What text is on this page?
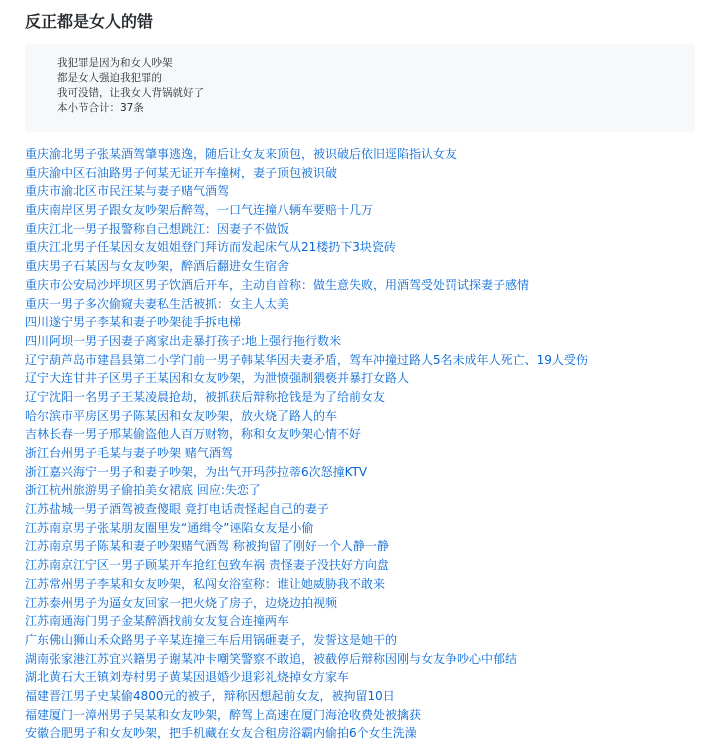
反正都是女人的错
我犯罪是因为和女人吵架
都是女人强迫我犯罪的
我可没错，让我女人背锅就好了
本小节合计：37条
重庆渝北男子张某酒驾肇事逃逸，随后让女友来顶包，被识破后依旧逕陷指认女友
重庆渝中区石油路男子何某无证开车撞树，妻子顶包被识破
重庆市渝北区市民汪某与妻子赌气酒驾
重庆南岸区男子跟女友吵架后醉驾，一口气连撞八辆车要赔十几万
重庆江北一男子报警称自己想跳江：因妻子不做饭
重庆江北男子任某因女友姐姐登门拜访而发起床气从21楼扔下3块瓷砖
重庆男子石某因与女友吵架，醉酒后翻进女生宿舍
重庆市公安局沙坪坝区男子饮酒后开车，主动自首称：做生意失败，用酒驾受处罚试探妻子感情
重庆一男子多次偷窥夫妻私生活被抓：女主人太美
四川遂宁男子李某和妻子吵架徒手拆电梯
四川阿坝一男子因妻子离家出走暴打孩子:地上强行拖行数米
辽宁葫芦岛市建昌县第二小学门前一男子韩某华因夫妻矛盾，驾车冲撞过路人5名未成年人死亡、19人受伤
辽宁大连甘井子区男子王某因和女友吵架，为泄愤强制猥亵并暴打女路人
辽宁沈阳一名男子王某凌晨抢劫，被抓获后辩称抢钱是为了给前女友
哈尔滨市平房区男子陈某因和女友吵架，放火烧了路人的车
吉林长春一男子邢某偷盗他人百万财物，称和女友吵架心情不好
浙江台州男子毛某与妻子吵架 赌气酒驾
浙江嘉兴海宁一男子和妻子吵架，为出气开玛莎拉蒂6次怒撞KTV
浙江杭州旅游男子偷拍美女裙底 回应:失恋了
江苏盐城一男子酒驾被查傻眼 竟打电话责怪起自己的妻子
江苏南京男子张某朋友圈里发“通缉令”诬陷女友是小偷
江苏南京男子陈某和妻子吵架赌气酒驾 称被拘留了刚好一个人静一静
江苏南京江宁区一男子顾某开车抢红包致车祸 责怪妻子没扶好方向盘
江苏常州男子李某和女友吵架，私闯女浴室称：谁让她威胁我不敢来
江苏泰州男子为逼女友回家一把火烧了房子，边烧边拍视频
江苏南通海门男子金某醉酒找前女友复合连撞两车
广东佛山狮山禾众路男子辛某连撞三车后用锅砸妻子，发誓这是她干的
湖南张家港江苏宜兴籍男子谢某冲卡嘲笑警察不敢追，被截停后辩称因刚与女友争吵心中郁结
湖北黄石大王镇刘寿村男子黄某因退婚少退彩礼烧掉女方家车
福建晋江男子史某偷4800元的被子，辩称因想起前女友，被拘留10日
福建厦门一漳州男子吴某和女友吵架，醉驾上高速在厦门海沧收费处被擒获
安徽合肥男子和女友吵架，把手机藏在女友合租房浴霸内偷拍6个女生洗澡
